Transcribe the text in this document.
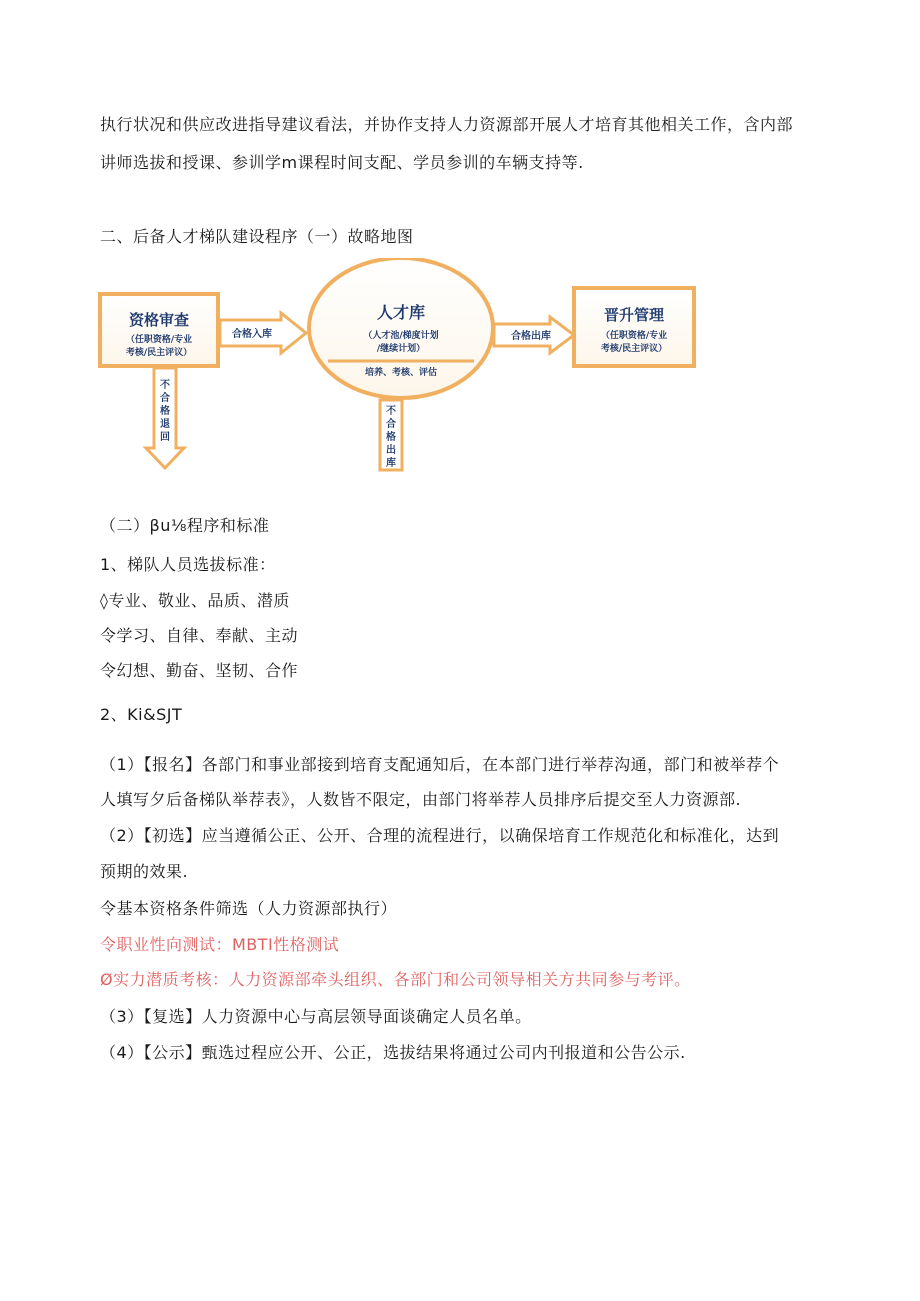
执行状况和供应改进指导建议看法，并协作支持人力资源部开展人才培育其他相关工作，含内部
讲师选拔和授课、参训学m课程时间支配、学员参训的车辆支持等.
二、后备人才梯队建设程序（一）故略地图
资格审查
（任职资格/专业
考核/民主评议）
合格入库
人才库
（人才池/梯度计划
/继续计划）
培养、考核、评估
合格出库
晋升管理
（任职资格/专业
考核/民主评议）
不
合
格
退
回
不
合
格
出
库
（二）βu⅛程序和标准
1、梯队人员选拔标准：
◊专业、敬业、品质、潜质
令学习、自律、奉献、主动
令幻想、勤奋、坚韧、合作
2、Ki&SJT
（1）【报名】各部门和事业部接到培育支配通知后，在本部门进行举荐沟通，部门和被举荐个
人填写夕后备梯队举荐表》，人数皆不限定，由部门将举荐人员排序后提交至人力资源部.
（2）【初选】应当遵循公正、公开、合理的流程进行，以确保培育工作规范化和标准化，达到
预期的效果.
令基本资格条件筛选（人力资源部执行）
令职业性向测试：MBTI性格测试
Ø实力潜质考核：人力资源部牵头组织、各部门和公司领导相关方共同参与考评。
（3）【复选】人力资源中心与高层领导面谈确定人员名单。
（4）【公示】甄选过程应公开、公正，选拔结果将通过公司内刊报道和公告公示.
